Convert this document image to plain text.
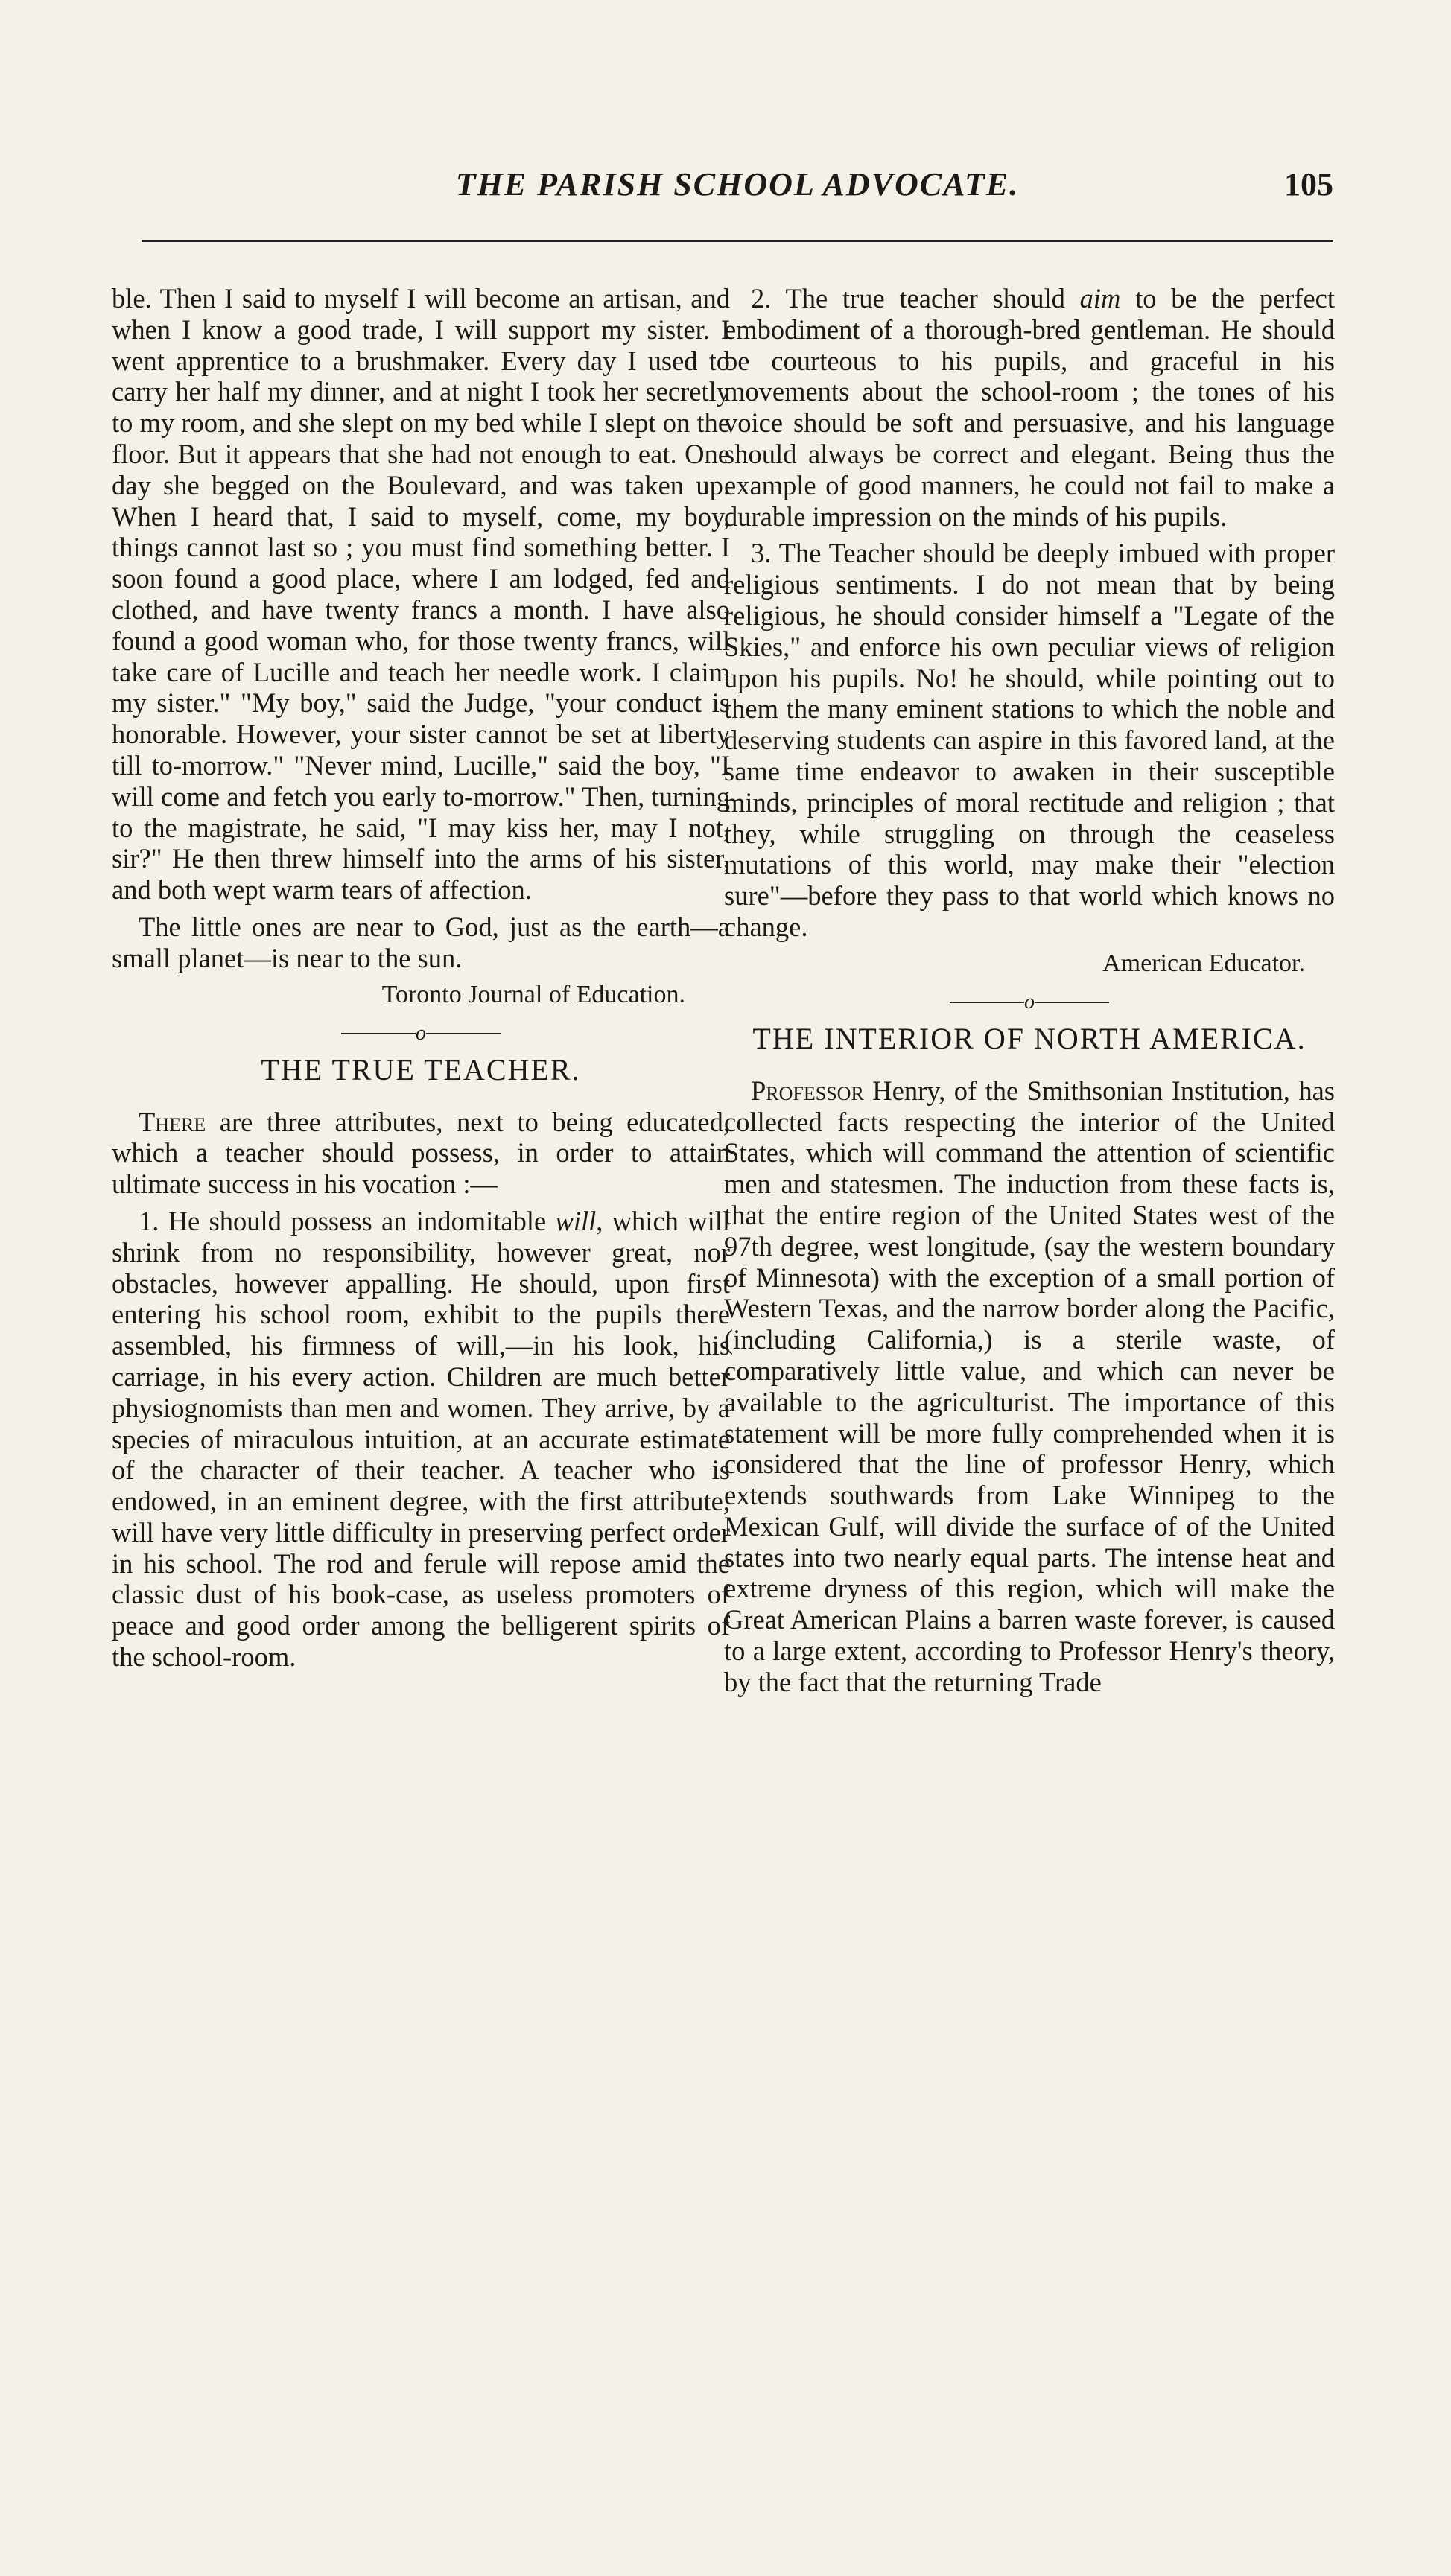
THE PARISH SCHOOL ADVOCATE.	105

ble. Then I said to myself I will become an artisan, and when I know a good trade, I will support my sister. I went apprentice to a brushmaker. Every day I used to carry her half my dinner, and at night I took her secretly to my room, and she slept on my bed while I slept on the floor. But it appears that she had not enough to eat. One day she begged on the Boulevard, and was taken up. When I heard that, I said to myself, come, my boy, things cannot last so ; you must find something better. I soon found a good place, where I am lodged, fed and clothed, and have twenty francs a month. I have also found a good woman who, for those twenty francs, will take care of Lucille and teach her needle work. I claim my sister." "My boy," said the Judge, "your conduct is honorable. However, your sister cannot be set at liberty till to-morrow." "Never mind, Lucille," said the boy, "I will come and fetch you early to-morrow." Then, turning to the magistrate, he said, "I may kiss her, may I not, sir?" He then threw himself into the arms of his sister, and both wept warm tears of affection.

The little ones are near to God, just as the earth—a small planet—is near to the sun.

Toronto Journal of Education.

o
THE TRUE TEACHER.

There are three attributes, next to being educated, which a teacher should possess, in order to attain ultimate success in his vocation :—

1. He should possess an indomitable will, which will shrink from no responsibility, however great, nor obstacles, however appalling. He should, upon first entering his school room, exhibit to the pupils there assembled, his firmness of will,—in his look, his carriage, in his every action. Children are much better physiognomists than men and women. They arrive, by a species of miraculous intuition, at an accurate estimate of the character of their teacher. A teacher who is endowed, in an eminent degree, with the first attribute, will have very little difficulty in preserving perfect order in his school. The rod and ferule will repose amid the classic dust of his book-case, as useless promoters of peace and good order among the belligerent spirits of the school-room.

2. The true teacher should aim to be the perfect embodiment of a thorough-bred gentleman. He should be courteous to his pupils, and graceful in his movements about the school-room ; the tones of his voice should be soft and persuasive, and his language should always be correct and elegant. Being thus the example of good manners, he could not fail to make a durable impression on the minds of his pupils.

3. The Teacher should be deeply imbued with proper religious sentiments. I do not mean that by being religious, he should consider himself a "Legate of the Skies," and enforce his own peculiar views of religion upon his pupils. No! he should, while pointing out to them the many eminent stations to which the noble and deserving students can aspire in this favored land, at the same time endeavor to awaken in their susceptible minds, principles of moral rectitude and religion ; that they, while struggling on through the ceaseless mutations of this world, may make their "election sure"—before they pass to that world which knows no change.

American Educator.

o
THE INTERIOR OF NORTH AMERICA.

Professor Henry, of the Smithsonian Institution, has collected facts respecting the interior of the United States, which will command the attention of scientific men and statesmen. The induction from these facts is, that the entire region of the United States west of the 97th degree, west longitude, (say the western boundary of Minnesota) with the exception of a small portion of Western Texas, and the narrow border along the Pacific, (including California,) is a sterile waste, of comparatively little value, and which can never be available to the agriculturist. The importance of this statement will be more fully comprehended when it is considered that the line of professor Henry, which extends southwards from Lake Winnipeg to the Mexican Gulf, will divide the surface of of the United states into two nearly equal parts. The intense heat and extreme dryness of this region, which will make the Great American Plains a barren waste forever, is caused to a large extent, according to Professor Henry's theory, by the fact that the returning Trade
